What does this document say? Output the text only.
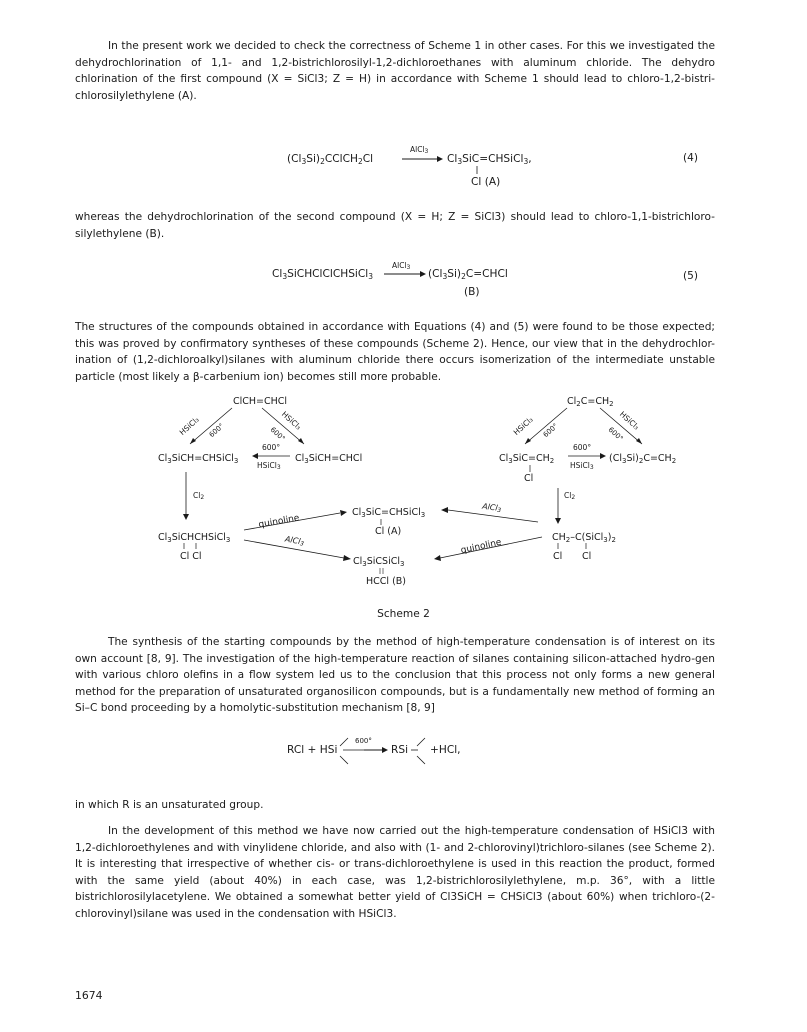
In the present work we decided to check the correctness of Scheme 1 in other cases. For this we investigated the dehydrochlorination of 1,1- and 1,2-bistrichlorosilyl-1,2-dichloroethanes with aluminum chloride. The dehydro chlorination of the first compound (X = SiCl3; Z = H) in accordance with Scheme 1 should lead to chloro-1,2-bistri-chlorosilylethylene (A).

(Cl3Si)2CClCH2Cl
AlCl3
Cl3SiC=CHSiCl3,
Cl (A)
(4)

whereas the dehydrochlorination of the second compound (X = H; Z = SiCl3) should lead to chloro-1,1-bistrichloro-silylethylene (B).

Cl3SiCHClClCHSiCl3
AlCl3
(Cl3Si)2C=CHCl
(B)
(5)

The structures of the compounds obtained in accordance with Equations (4) and (5) were found to be those expected; this was proved by confirmatory syntheses of these compounds (Scheme 2). Hence, our view that in the dehydrochlor-ination of (1,2-dichloroalkyl)silanes with aluminum chloride there occurs isomerization of the intermediate unstable particle (most likely a β-carbenium ion) becomes still more probable.

ClCH=CHCl	$Cl_2C=CH_2$
HSiCl₃ 600°	HSiCl₃
600°	HSiCl₃ 600°	HSiCl₃
600°
$Cl_3SiCH=CHSiCl_3$
600°
HSiCl3
$Cl_3SiCH=CHCl$	$Cl_3SiC=CH_2$
Cl
600°
HSiCl3
$(Cl_3Si)_2C=CH_2$
Cl2	Cl2
$Cl_3SiCHCHSiCl_3$
Cl Cl
$CH_2-C(SiCl_3)_2$
Cl Cl
$Cl_3SiC=CHSiCl_3$
Cl (A)
$Cl_3SiCSiCl_3$
HCCl (B)
quinoline
AlCl3
AlCl3
quinoline
Scheme 2

The synthesis of the starting compounds by the method of high-temperature condensation is of interest on its own account [8, 9]. The investigation of the high-temperature reaction of silanes containing silicon-attached hydro-gen with various chloro olefins in a flow system led us to the conclusion that this process not only forms a new general method for the preparation of unsaturated organosilicon compounds, but is a fundamentally new method of forming an Si–C bond proceeding by a homolytic-substitution mechanism [8, 9]

RCl + HSi
600°
RSi +HCl,

in which R is an unsaturated group.

In the development of this method we have now carried out the high-temperature condensation of HSiCl3 with 1,2-dichloroethylenes and with vinylidene chloride, and also with (1- and 2-chlorovinyl)trichloro-silanes (see Scheme 2). It is interesting that irrespective of whether cis- or trans-dichloroethylene is used in this reaction the product, formed with the same yield (about 40%) in each case, was 1,2-bistrichlorosilylethylene, m.p. 36°, with a little bistrichlorosilylacetylene. We obtained a somewhat better yield of Cl3SiCH = CHSiCl3 (about 60%) when trichloro-(2-chlorovinyl)silane was used in the condensation with HSiCl3.

1674
